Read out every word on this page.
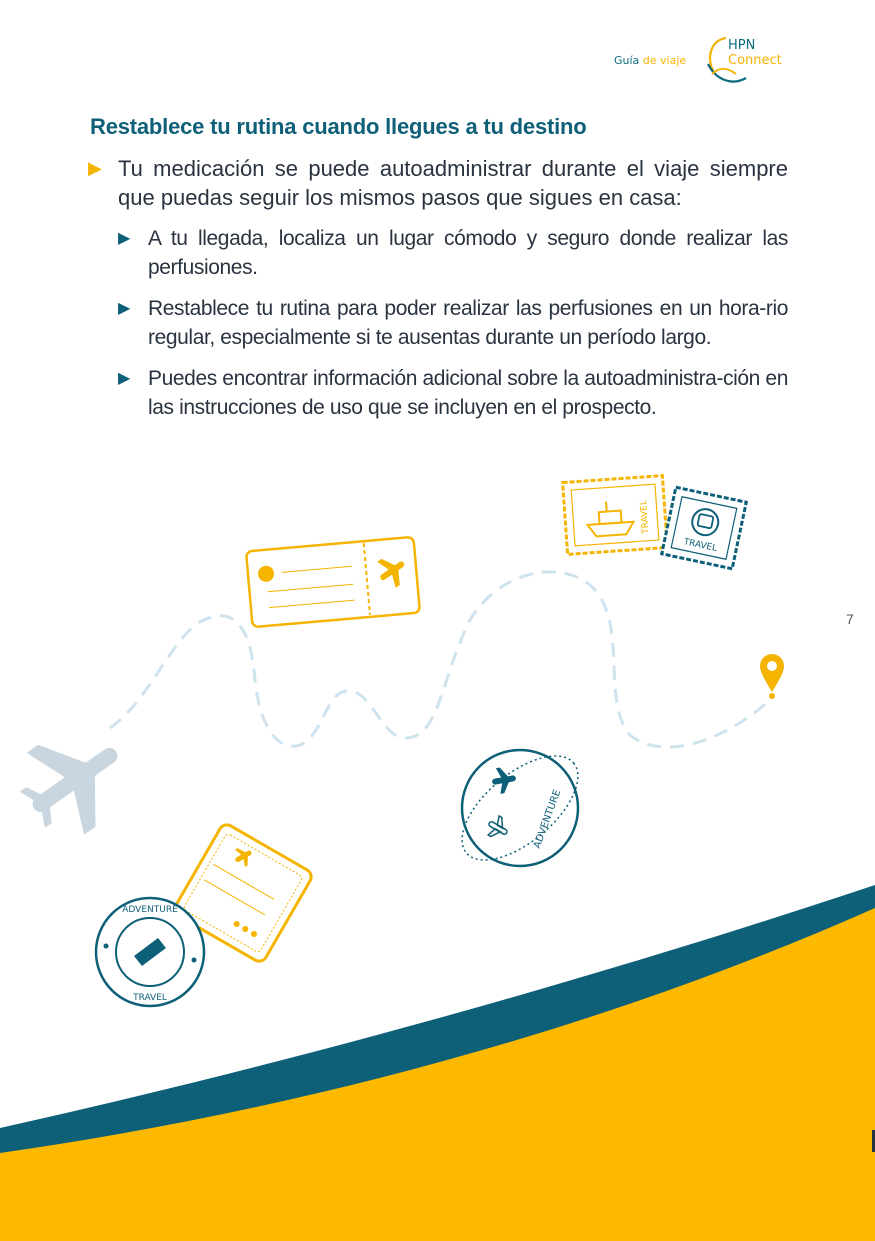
Guía de viaje
HPN
Connect
Restablece tu rutina cuando llegues a tu destino
▶ Tu medicación se puede autoadministrar durante el viaje siempre que puedas seguir los mismos pasos que sigues en casa:
▶ A tu llegada, localiza un lugar cómodo y seguro donde realizar las perfusiones.
▶ Restablece tu rutina para poder realizar las perfusiones en un hora-rio regular, especialmente si te ausentas durante un período largo.
▶ Puedes encontrar información adicional sobre la autoadministra-ción en las instrucciones de uso que se incluyen en el prospecto.
7
TRAVEL
TRAVEL
ADVENTURE
ADVENTURE
TRAVEL
